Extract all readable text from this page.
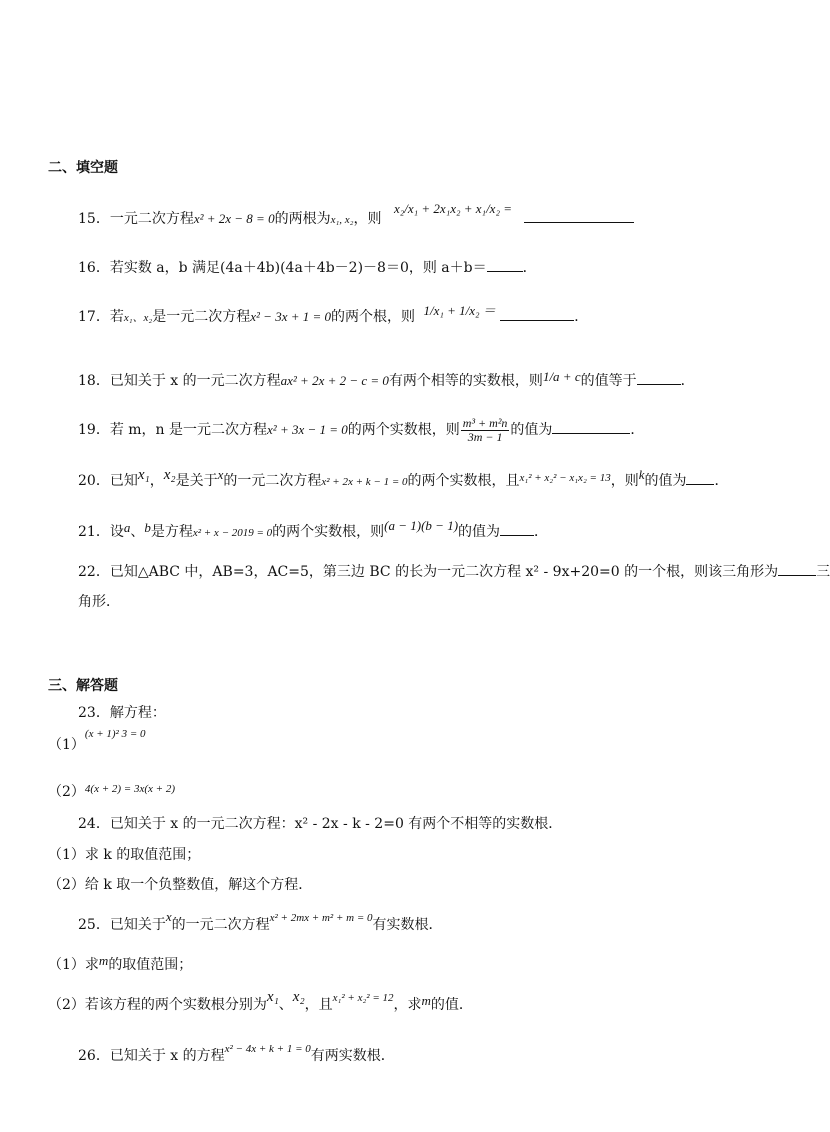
二、填空题
15．一元二次方程x² + 2x − 8 = 0的两根为x₁, x₂，则 x₂/x₁ + 2x₁x₂ + x₁/x₂ =
16．若实数 a，b 满足(4a＋4b)(4a＋4b－2)－8＝0，则 a＋b＝	．
17．若x₁、x₂是一元二次方程x² − 3x + 1 = 0的两个根，则 1/x₁ + 1/x₂ ＝	．
18．已知关于 x 的一元二次方程ax² + 2x + 2 − c = 0有两个相等的实数根，则1/a + c的值等于	．
19．若 m，n 是一元二次方程x² + 3x − 1 = 0的两个实数根，则 $\frac{\text{m³ + m²n}}{3m - 1}$ 的值为	．
20．已知x₁，x₂是关于x的一元二次方程x² + 2x + k − 1 = 0的两个实数根，且$^{x_1^2 + x_2^2 - x_1x_2 = 13}$，则k的值为 ．
21．设a、b是方程x² + x − 2019 = 0的两个实数根，则(a − 1)(b − 1)的值为 ．
22．已知△ABC 中，AB=3，AC=5，第三边 BC 的长为一元二次方程 x² - 9x+20=0 的一个根，则该三角形为	三
角形．
三、解答题
23．解方程：
$(1)^{(x + 1)^2 3 = 0}$
$(2)^{4(x + 2) = 3x(x + 2)}$
24．已知关于 x 的一元二次方程：x² - 2x - k - 2=0 有两个不相等的实数根．
（1）求 k 的取值范围；
（2）给 k 取一个负整数值，解这个方程．
25．已知关于x的一元二次方程$^{x^2 + 2mx + m^2 + m = 0}$有实数根．
（1）求m的取值范围；
（2）若该方程的两个实数根分别为x₁、x₂，且$^{x_1^2 + x_2^2 = 12}$，求m的值．
26．已知关于 x 的方程$^{x^2 - 4x + k + 1 = 0}$有两实数根．
